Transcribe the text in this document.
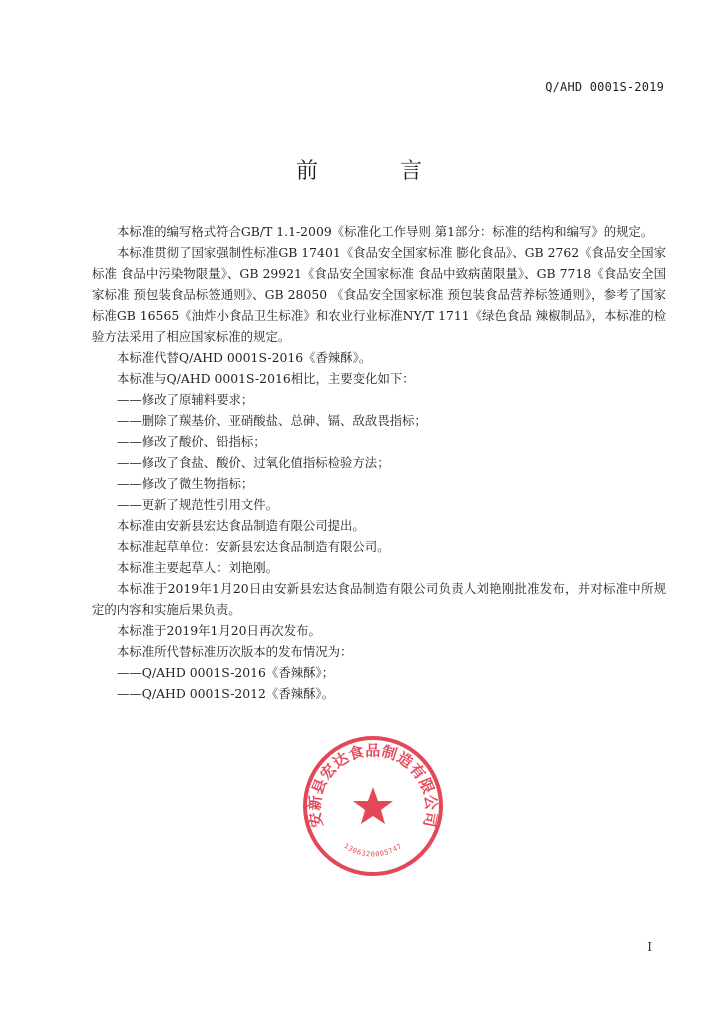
Q/AHD 0001S-2019
前	言

本标准的编写格式符合GB/T 1.1-2009《标准化工作导则 第1部分：标准的结构和编写》的规定。

本标准贯彻了国家强制性标准GB 17401《食品安全国家标准 膨化食品》、GB 2762《食品安全国家标准 食品中污染物限量》、GB 29921《食品安全国家标准 食品中致病菌限量》、GB 7718《食品安全国家标准 预包装食品标签通则》、GB 28050 《食品安全国家标准 预包装食品营养标签通则》，参考了国家标准GB 16565《油炸小食品卫生标准》和农业行业标准NY/T 1711《绿色食品 辣椒制品》，本标准的检验方法采用了相应国家标准的规定。

本标准代替Q/AHD 0001S-2016《香辣酥》。

本标准与Q/AHD 0001S-2016相比，主要变化如下：

——修改了原辅料要求；

——删除了羰基价、亚硝酸盐、总砷、镉、敌敌畏指标；

——修改了酸价、铅指标；

——修改了食盐、酸价、过氧化值指标检验方法；

——修改了微生物指标；

——更新了规范性引用文件。

本标准由安新县宏达食品制造有限公司提出。

本标准起草单位：安新县宏达食品制造有限公司。

本标准主要起草人：刘艳刚。

本标准于2019年1月20日由安新县宏达食品制造有限公司负责人刘艳刚批准发布，并对标准中所规定的内容和实施后果负责。

本标准于2019年1月20日再次发布。

本标准所代替标准历次版本的发布情况为：

——Q/AHD 0001S-2016《香辣酥》；

——Q/AHD 0001S-2012《香辣酥》。

安新县宏达食品制造有限公司
1306320005747
I
